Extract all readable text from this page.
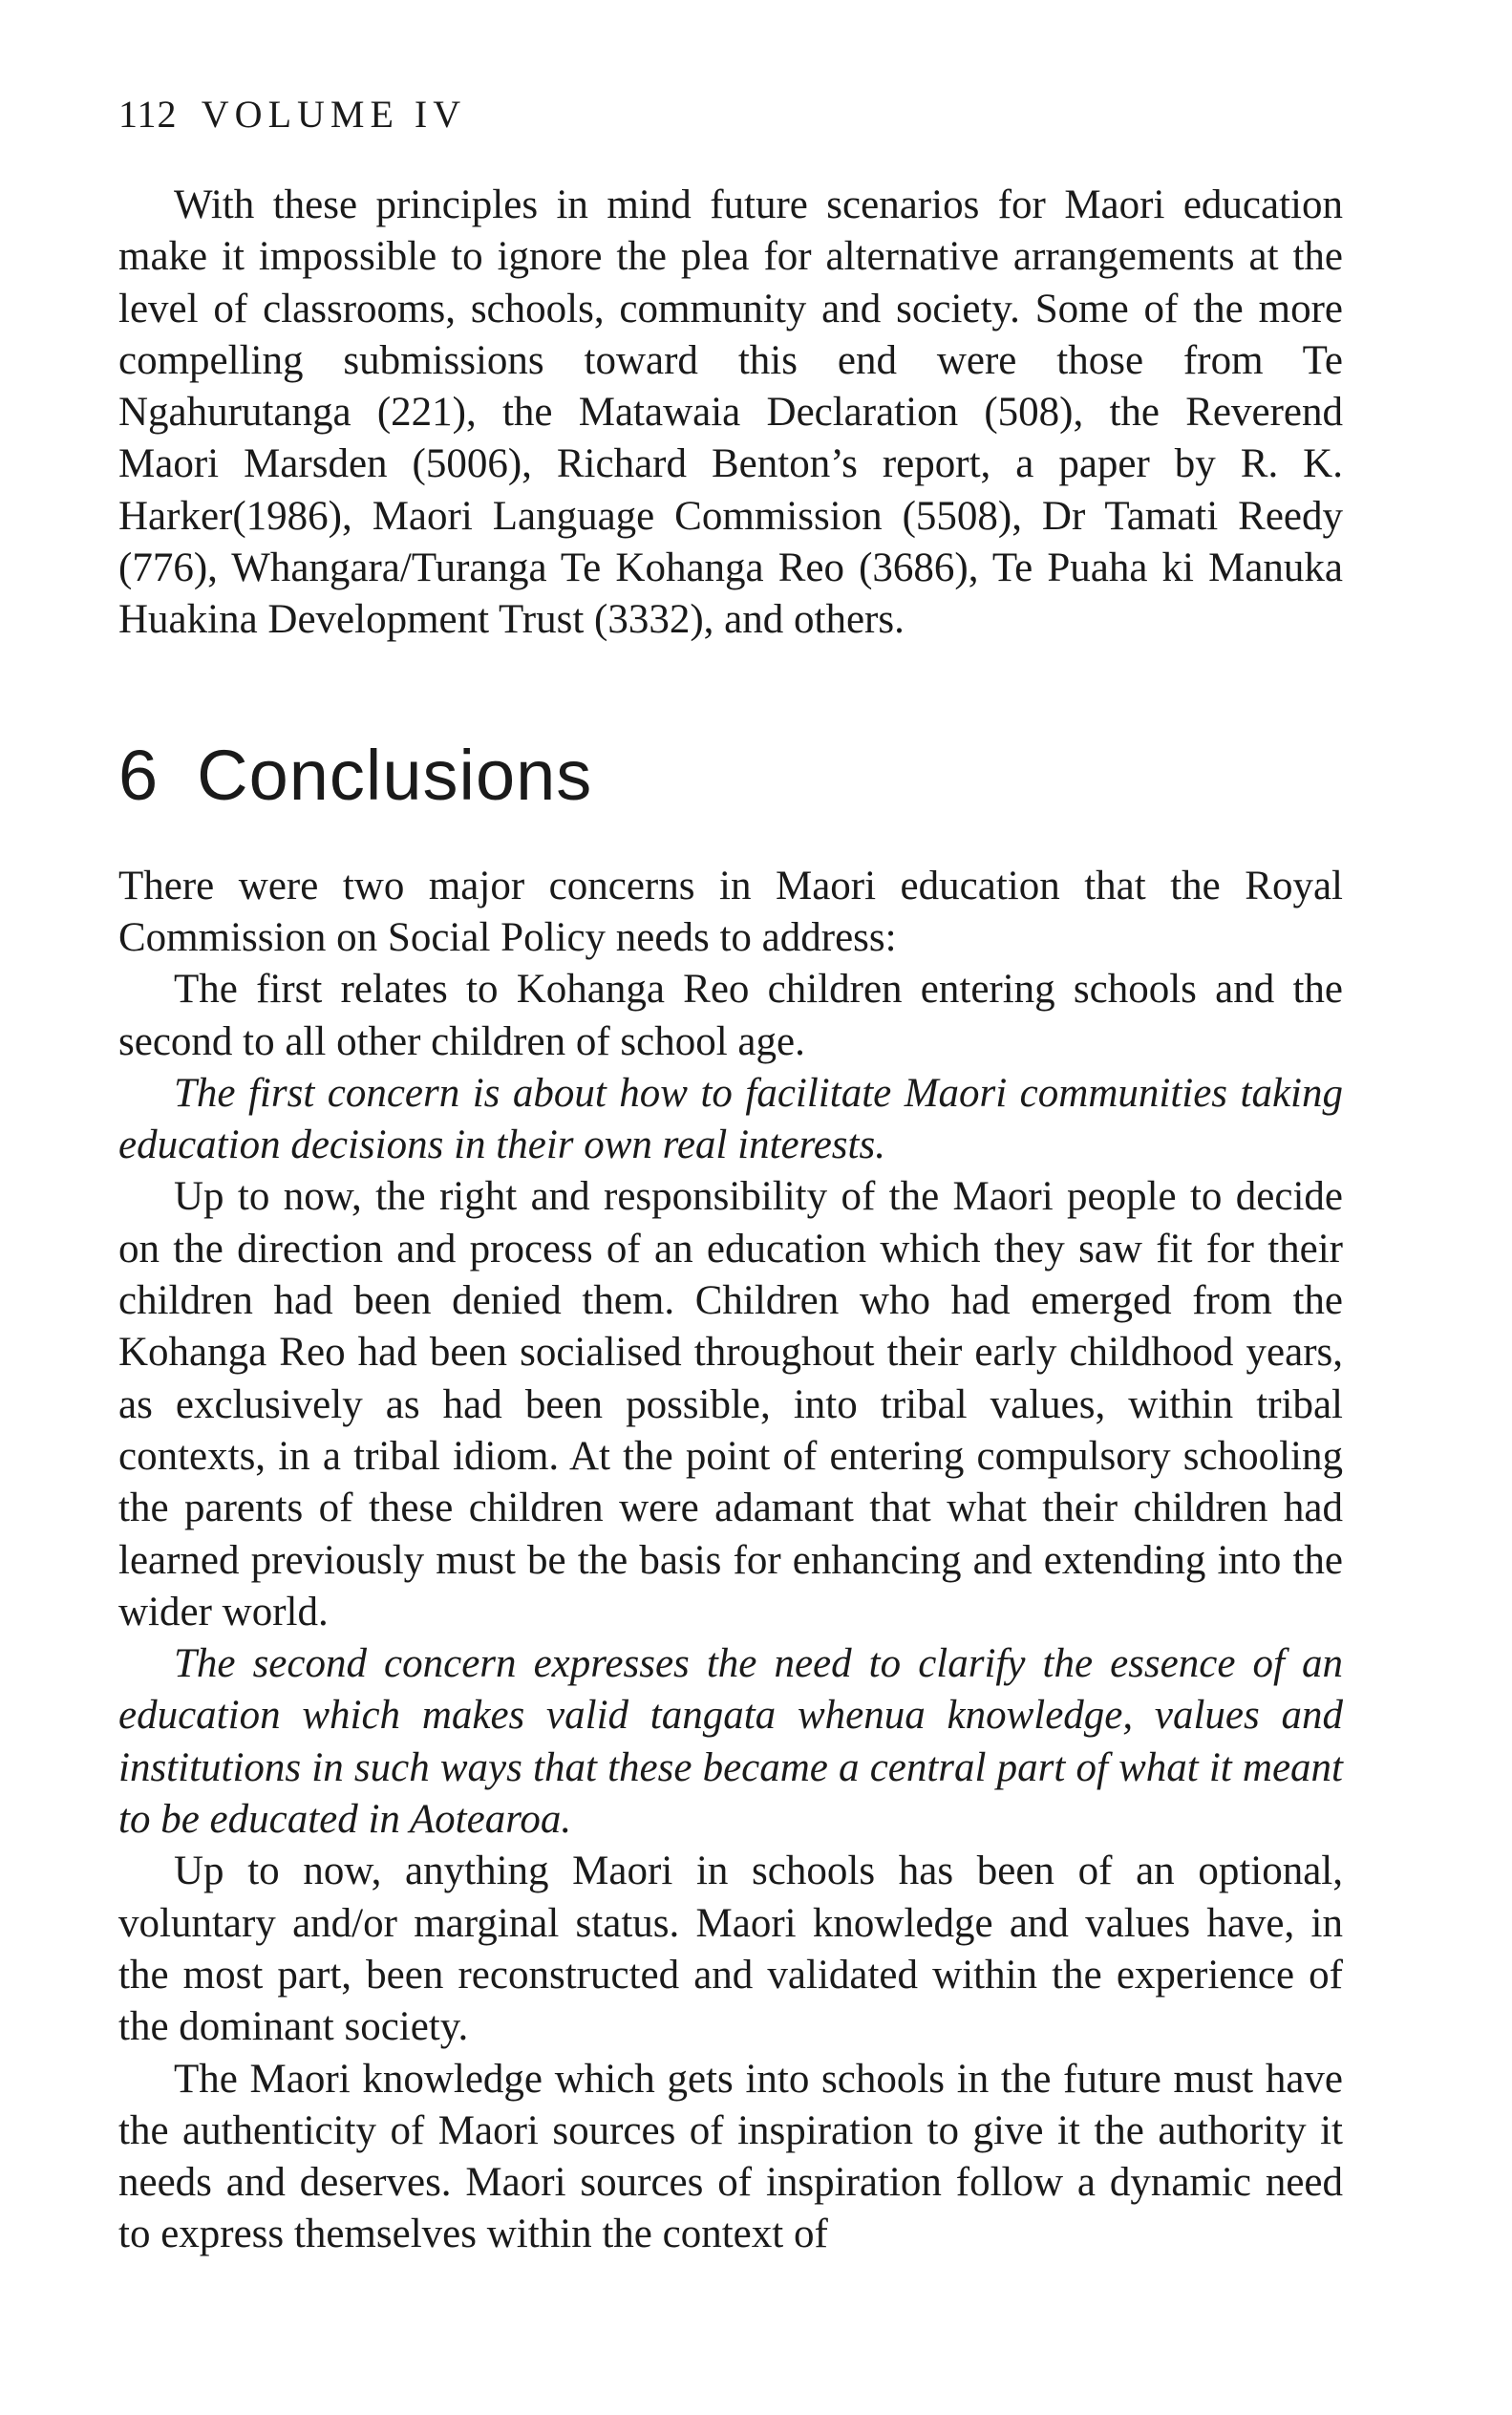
112 VOLUME IV

With these principles in mind future scenarios for Maori education make it impossible to ignore the plea for alternative arrangements at the level of classrooms, schools, community and society. Some of the more compelling submissions toward this end were those from Te Ngahurutanga (221), the Matawaia Declaration (508), the Reverend Maori Marsden (5006), Richard Benton’s report, a paper by R. K. Harker(1986), Maori Language Commission (5508), Dr Tamati Reedy (776), Whangara/Turanga Te Kohanga Reo (3686), Te Puaha ki Manuka Huakina Development Trust (3332), and others.

6 Conclusions

There were two major concerns in Maori education that the Royal Commission on Social Policy needs to address:

The first relates to Kohanga Reo children entering schools and the second to all other children of school age.

The first concern is about how to facilitate Maori communities taking education decisions in their own real interests.

Up to now, the right and responsibility of the Maori people to decide on the direction and process of an education which they saw fit for their children had been denied them. Children who had emerged from the Kohanga Reo had been socialised throughout their early childhood years, as exclusively as had been possible, into tribal values, within tribal contexts, in a tribal idiom. At the point of entering compulsory schooling the parents of these children were adamant that what their children had learned previously must be the basis for enhancing and extending into the wider world.

The second concern expresses the need to clarify the essence of an education which makes valid tangata whenua knowledge, values and institutions in such ways that these became a central part of what it meant to be educated in Aotearoa.

Up to now, anything Maori in schools has been of an optional, voluntary and/or marginal status. Maori knowledge and values have, in the most part, been reconstructed and validated within the experience of the dominant society.

The Maori knowledge which gets into schools in the future must have the authenticity of Maori sources of inspiration to give it the authority it needs and deserves. Maori sources of inspiration follow a dynamic need to express themselves within the context of
